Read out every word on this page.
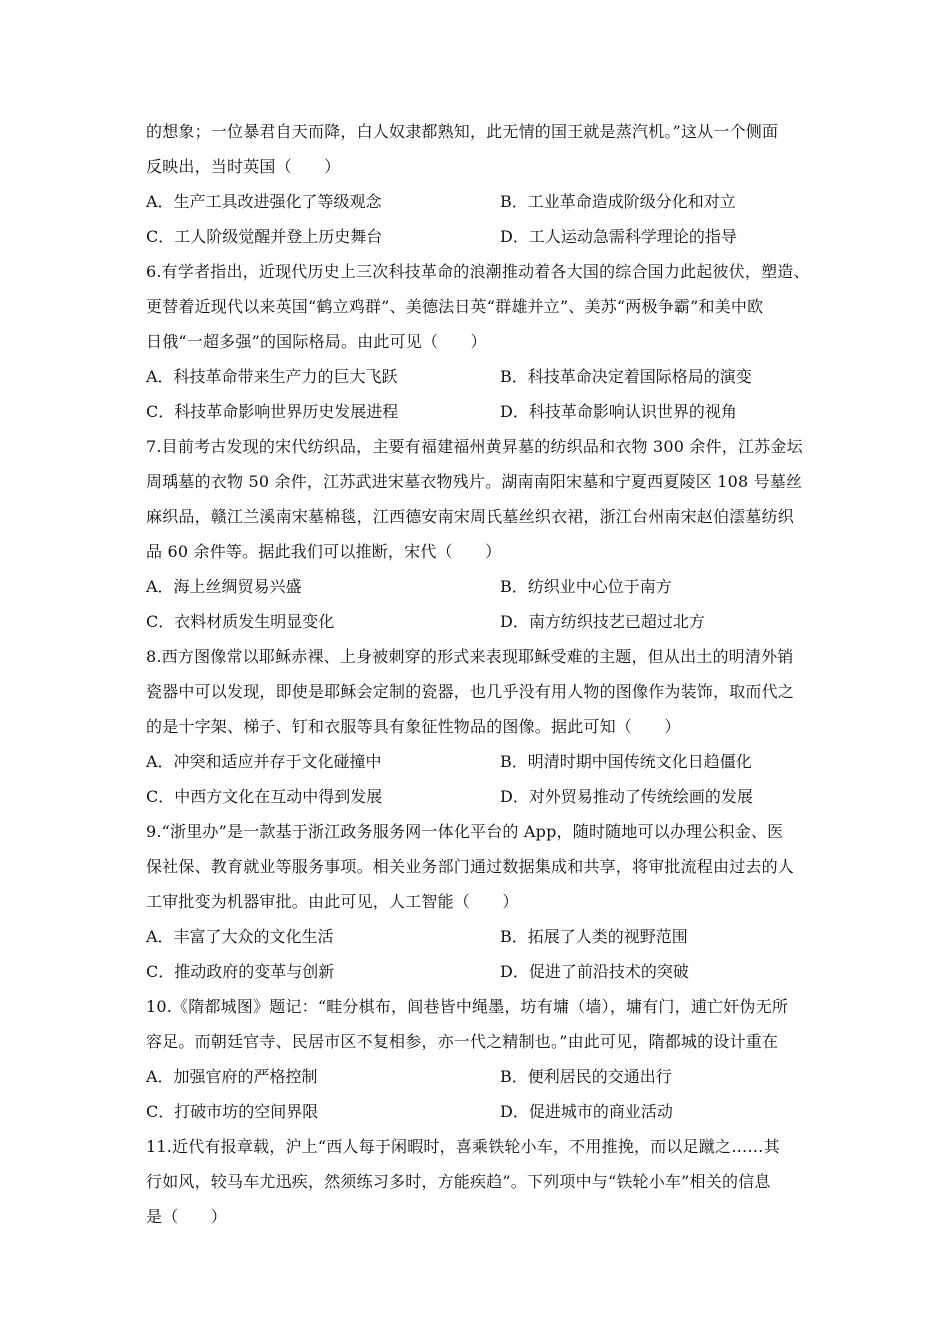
的想象；一位暴君自天而降，白人奴隶都熟知，此无情的国王就是蒸汽机。”这从一个侧面
反映出，当时英国（　　）
A．生产工具改进强化了等级观念	B．工业革命造成阶级分化和对立
C．工人阶级觉醒并登上历史舞台	D．工人运动急需科学理论的指导
6.有学者指出，近现代历史上三次科技革命的浪潮推动着各大国的综合国力此起彼伏，塑造、
更替着近现代以来英国“鹤立鸡群”、美德法日英“群雄并立”、美苏“两极争霸”和美中欧
日俄“一超多强”的国际格局。由此可见（　　）
A．科技革命带来生产力的巨大飞跃	B．科技革命决定着国际格局的演变
C．科技革命影响世界历史发展进程	D．科技革命影响认识世界的视角
7.目前考古发现的宋代纺织品，主要有福建福州黄昇墓的纺织品和衣物 300 余件，江苏金坛
周瑀墓的衣物 50 余件，江苏武进宋墓衣物残片。湖南南阳宋墓和宁夏西夏陵区 108 号墓丝
麻织品，赣江兰溪南宋墓棉毯，江西德安南宋周氏墓丝织衣裙，浙江台州南宋赵伯澐墓纺织
品 60 余件等。据此我们可以推断，宋代（　　）
A．海上丝绸贸易兴盛	B．纺织业中心位于南方
C．衣料材质发生明显变化	D．南方纺织技艺已超过北方
8.西方图像常以耶稣赤裸、上身被刺穿的形式来表现耶稣受难的主题，但从出土的明清外销
瓷器中可以发现，即使是耶稣会定制的瓷器，也几乎没有用人物的图像作为装饰，取而代之
的是十字架、梯子、钉和衣服等具有象征性物品的图像。据此可知（　　）
A．冲突和适应并存于文化碰撞中	B．明清时期中国传统文化日趋僵化
C．中西方文化在互动中得到发展	D．对外贸易推动了传统绘画的发展
9.“浙里办”是一款基于浙江政务服务网一体化平台的 App，随时随地可以办理公积金、医
保社保、教育就业等服务事项。相关业务部门通过数据集成和共享，将审批流程由过去的人
工审批变为机器审批。由此可见，人工智能（　　）
A．丰富了大众的文化生活	B．拓展了人类的视野范围
C．推动政府的变革与创新	D．促进了前沿技术的突破
10.《隋都城图》题记：“畦分棋布，闾巷皆中绳墨，坊有墉（墙），墉有门，逋亡奸伪无所
容足。而朝廷官寺、民居市区不复相参，亦一代之精制也。”由此可见，隋都城的设计重在
A．加强官府的严格控制	B．便利居民的交通出行
C．打破市坊的空间界限	D．促进城市的商业活动
11.近代有报章载，沪上“西人每于闲暇时，喜乘铁轮小车，不用推挽，而以足蹴之……其
行如风，较马车尤迅疾，然须练习多时，方能疾趋”。下列项中与“铁轮小车”相关的信息
是（　　）
